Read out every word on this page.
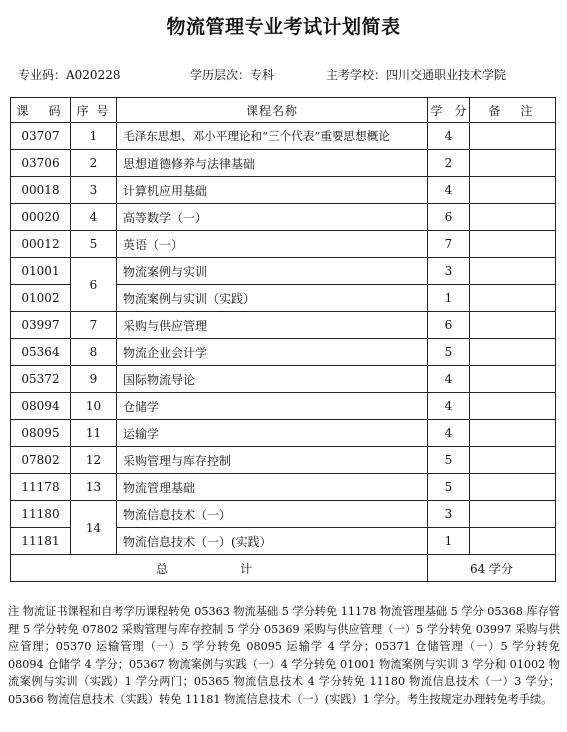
物流管理专业考试计划简表
专业码：A020228	学历层次：专科	主考学校：四川交通职业技术学院
课　码	序 号	课程名称	学　分	备　注
03707	1	毛泽东思想、邓小平理论和“三个代表”重要思想概论	4	
03706	2	思想道德修养与法律基础	2	
00018	3	计算机应用基础	4	
00020	4	高等数学（一）	6	
00012	5	英语（一）	7	
01001	6	物流案例与实训	3	
01002		物流案例与实训（实践）	1	
03997	7	采购与供应管理	6	
05364	8	物流企业会计学	5	
05372	9	国际物流导论	4	
08094	10	仓储学	4	
08095	11	运输学	4	
07802	12	采购管理与库存控制	5	
11178	13	物流管理基础	5	
11180	14	物流信息技术（一）	3	
11181		物流信息技术（一）(实践）	1	
总　计			64 学分	
注 物流证书课程和自考学历课程转免 05363 物流基础 5 学分转免 11178 物流管理基础 5 学分 05368 库存管理 5 学分转免 07802 采购管理与库存控制 5 学分 05369 采购与供应管理（一）5 学分转免 03997 采购与供应管理；05370 运输管理（一）5 学分转免 08095 运输学 4 学分；05371 仓储管理（一）5 学分转免 08094 仓储学 4 学分；05367 物流案例与实践（一）4 学分转免 01001 物流案例与实训 3 学分和 01002 物流案例与实训（实践）1 学分两门；05365 物流信息技术 4 学分转免 11180 物流信息技术（一）3 学分；05366 物流信息技术（实践）转免 11181 物流信息技术（一）(实践）1 学分。考生按规定办理转免考手续。
